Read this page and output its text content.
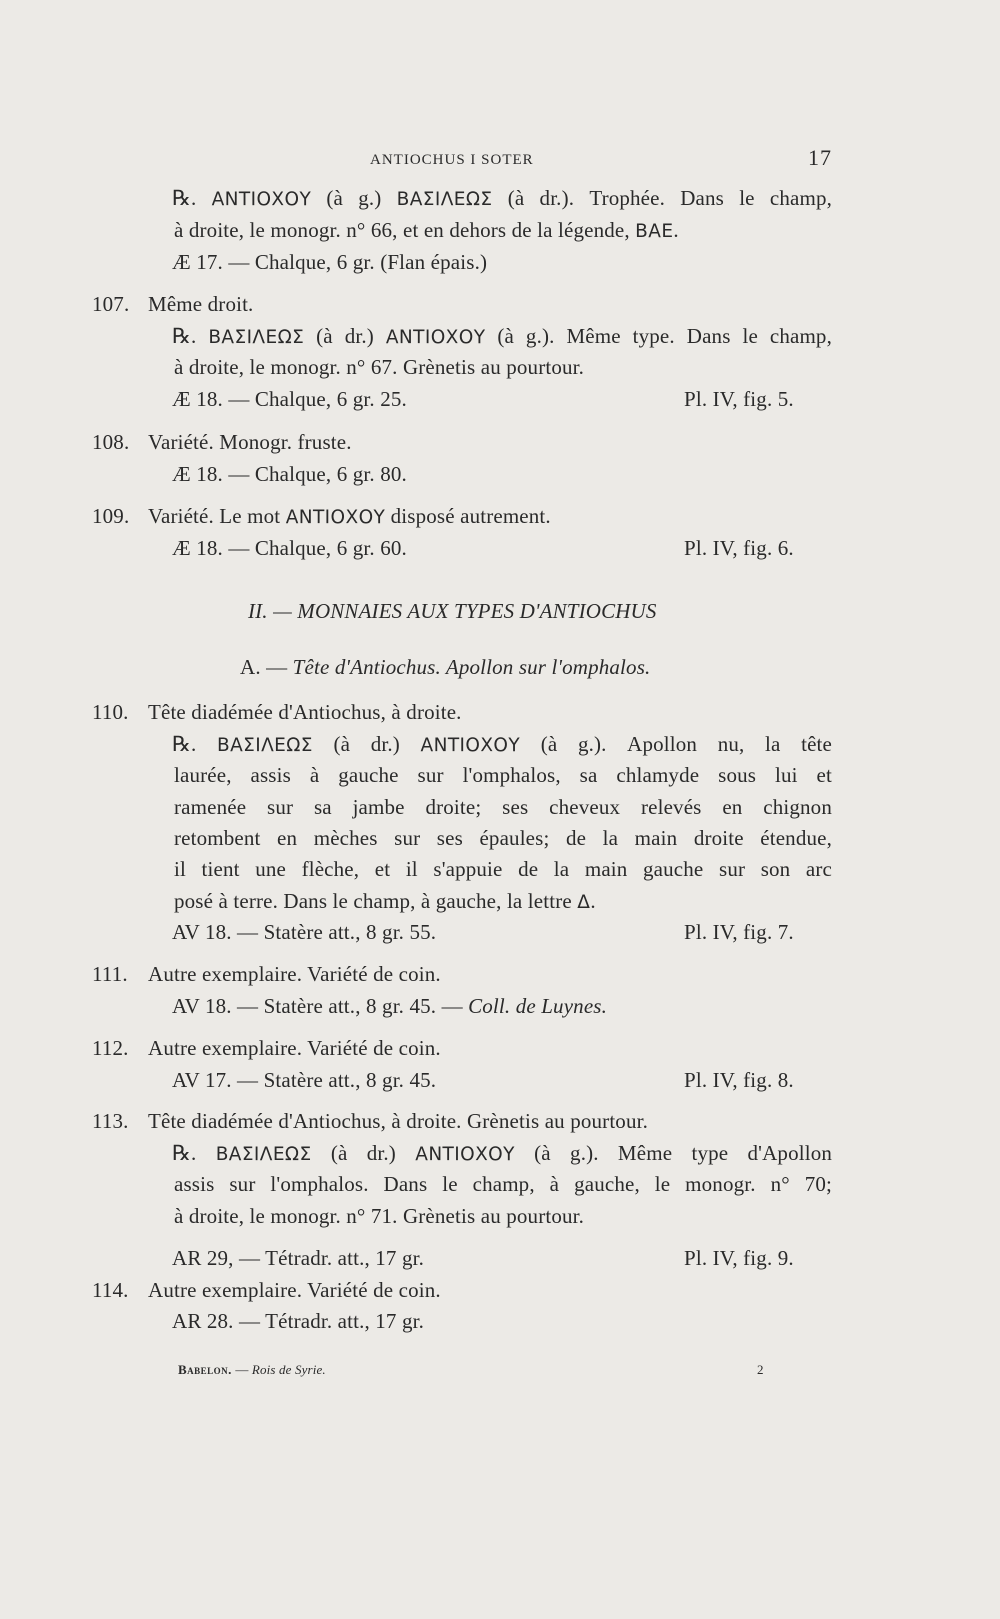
ANTIOCHUS I SOTER	17
℞. ΑΝΤΙΟΧΟΥ (à g.) ΒΑΣΙΛΕΩΣ (à dr.). Trophée. Dans le champ,
à droite, le monogr. n° 66, et en dehors de la légende, ΒΑΕ.
Æ 17. — Chalque, 6 gr. (Flan épais.)
107. Même droit.
℞. ΒΑΣΙΛΕΩΣ (à dr.) ΑΝΤΙΟΧΟΥ (à g.). Même type. Dans le champ,
à droite, le monogr. n° 67. Grènetis au pourtour.
Æ 18. — Chalque, 6 gr. 25.	Pl. IV, fig. 5.
108. Variété. Monogr. fruste.
Æ 18. — Chalque, 6 gr. 80.
109. Variété. Le mot ΑΝΤΙΟΧΟΥ disposé autrement.
Æ 18. — Chalque, 6 gr. 60.	Pl. IV, fig. 6.
II. — MONNAIES AUX TYPES D'ANTIOCHUS
A. — Tête d'Antiochus. Apollon sur l'omphalos.
110. Tête diadémée d'Antiochus, à droite.
℞. ΒΑΣΙΛΕΩΣ (à dr.) ΑΝΤΙΟΧΟΥ (à g.). Apollon nu, la tête
laurée, assis à gauche sur l'omphalos, sa chlamyde sous lui et
ramenée sur sa jambe droite; ses cheveux relevés en chignon
retombent en mèches sur ses épaules; de la main droite étendue,
il tient une flèche, et il s'appuie de la main gauche sur son arc
posé à terre. Dans le champ, à gauche, la lettre Δ.
AV 18. — Statère att., 8 gr. 55.	Pl. IV, fig. 7.
111. Autre exemplaire. Variété de coin.
AV 18. — Statère att., 8 gr. 45. — Coll. de Luynes.
112. Autre exemplaire. Variété de coin.
AV 17. — Statère att., 8 gr. 45.	Pl. IV, fig. 8.
113. Tête diadémée d'Antiochus, à droite. Grènetis au pourtour.
℞. ΒΑΣΙΛΕΩΣ (à dr.) ΑΝΤΙΟΧΟΥ (à g.). Même type d'Apollon
assis sur l'omphalos. Dans le champ, à gauche, le monogr. n° 70;
à droite, le monogr. n° 71. Grènetis au pourtour.
AR 29, — Tétradr. att., 17 gr.	Pl. IV, fig. 9.
114. Autre exemplaire. Variété de coin.
AR 28. — Tétradr. att., 17 gr.
Babelon. — Rois de Syrie.	2
